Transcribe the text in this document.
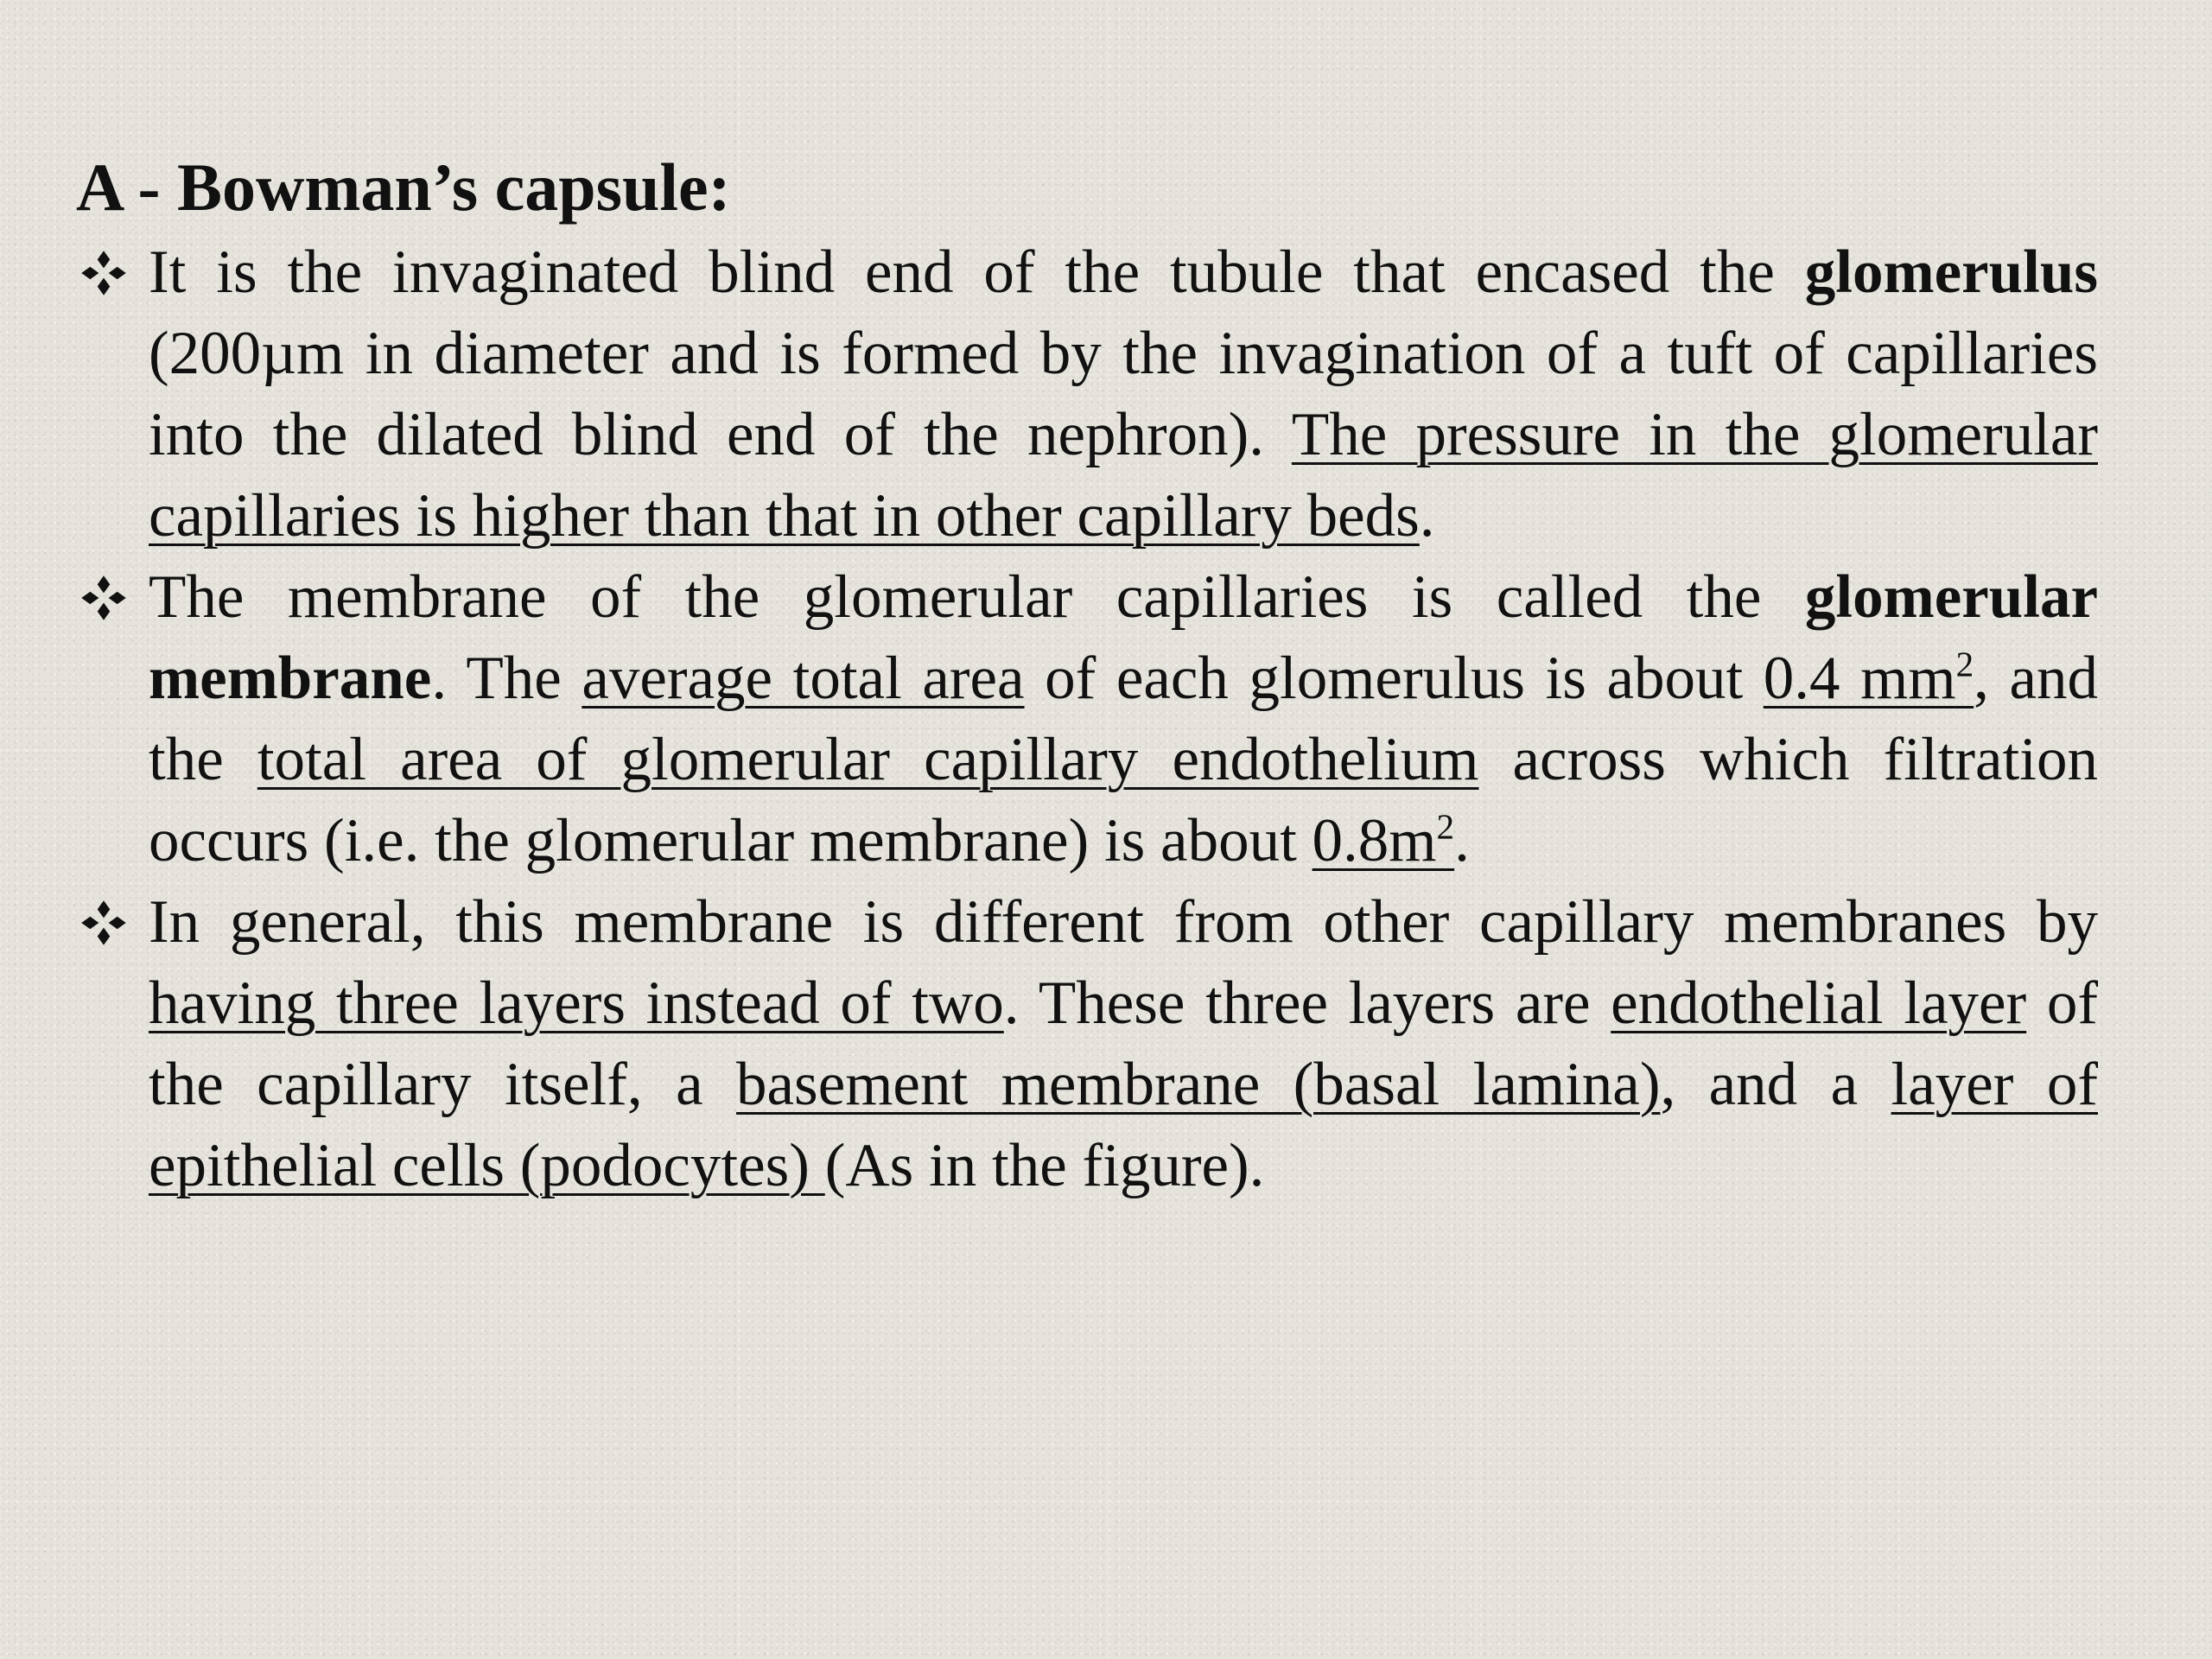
A - Bowman’s capsule:
It is the invaginated blind end of the tubule that encased the glomerulus (200µm in diameter and is formed by the invagination of a tuft of capillaries into the dilated blind end of the nephron). The pressure in the glomerular capillaries is higher than that in other capillary beds.
The membrane of the glomerular capillaries is called the glomerular membrane. The average total area of each glomerulus is about 0.4 $mm^2$, and the total area of glomerular capillary endothelium across which filtration occurs (i.e. the glomerular membrane) is about $0.8m^2$.
In general, this membrane is different from other capillary membranes by having three layers instead of two. These three layers are endothelial layer of the capillary itself, a basement membrane (basal lamina), and a layer of epithelial cells (podocytes) (As in the figure).
